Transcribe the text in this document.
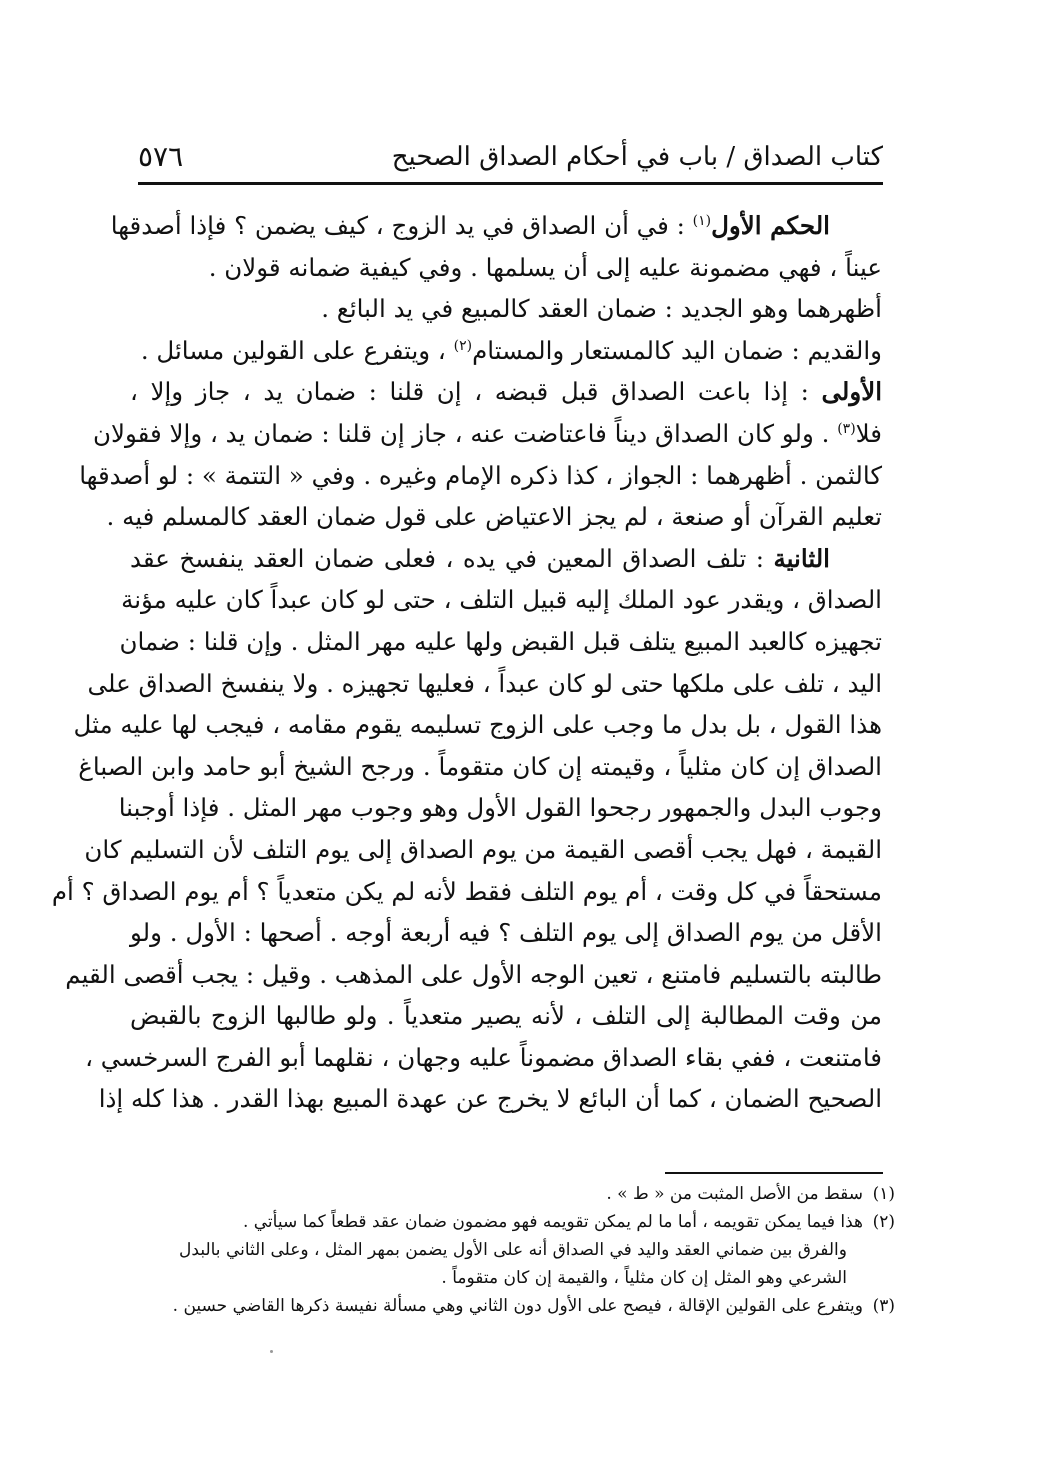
كتاب الصداق / باب في أحكام الصداق الصحيح
٥٧٦
الحكم الأول$^{(١)}$ : في أن الصداق في يد الزوج ، كيف يضمن ؟ فإذا أصدقها
عيناً ، فهي مضمونة عليه إلى أن يسلمها . وفي كيفية ضمانه قولان .
أظهرهما وهو الجديد : ضمان العقد كالمبيع في يد البائع .
والقديم : ضمان اليد كالمستعار والمستام$^{(٢)}$ ، ويتفرع على القولين مسائل .
الأولى : إذا باعت الصداق قبل قبضه ، إن قلنا : ضمان يد ، جاز وإلا ،
فلا$^{(٣)}$ . ولو كان الصداق ديناً فاعتاضت عنه ، جاز إن قلنا : ضمان يد ، وإلا فقولان
كالثمن . أظهرهما : الجواز ، كذا ذكره الإمام وغيره . وفي « التتمة » : لو أصدقها
تعليم القرآن أو صنعة ، لم يجز الاعتياض على قول ضمان العقد كالمسلم فيه .
الثانية : تلف الصداق المعين في يده ، فعلى ضمان العقد ينفسخ عقد
الصداق ، ويقدر عود الملك إليه قبيل التلف ، حتى لو كان عبداً كان عليه مؤنة
تجهيزه كالعبد المبيع يتلف قبل القبض ولها عليه مهر المثل . وإن قلنا : ضمان
اليد ، تلف على ملكها حتى لو كان عبداً ، فعليها تجهيزه . ولا ينفسخ الصداق على
هذا القول ، بل بدل ما وجب على الزوج تسليمه يقوم مقامه ، فيجب لها عليه مثل
الصداق إن كان مثلياً ، وقيمته إن كان متقوماً . ورجح الشيخ أبو حامد وابن الصباغ
وجوب البدل والجمهور رجحوا القول الأول وهو وجوب مهر المثل . فإذا أوجبنا
القيمة ، فهل يجب أقصى القيمة من يوم الصداق إلى يوم التلف لأن التسليم كان
مستحقاً في كل وقت ، أم يوم التلف فقط لأنه لم يكن متعدياً ؟ أم يوم الصداق ؟ أم
الأقل من يوم الصداق إلى يوم التلف ؟ فيه أربعة أوجه . أصحها : الأول . ولو
طالبته بالتسليم فامتنع ، تعين الوجه الأول على المذهب . وقيل : يجب أقصى القيم
من وقت المطالبة إلى التلف ، لأنه يصير متعدياً . ولو طالبها الزوج بالقبض
فامتنعت ، ففي بقاء الصداق مضموناً عليه وجهان ، نقلهما أبو الفرج السرخسي ،
الصحيح الضمان ، كما أن البائع لا يخرج عن عهدة المبيع بهذا القدر . هذا كله إذا
(١)سقط من الأصل المثبت من « ط » .
(٢)هذا فيما يمكن تقويمه ، أما ما لم يمكن تقويمه فهو مضمون ضمان عقد قطعاً كما سيأتي .
والفرق بين ضماني العقد واليد في الصداق أنه على الأول يضمن بمهر المثل ، وعلى الثاني بالبدل
الشرعي وهو المثل إن كان مثلياً ، والقيمة إن كان متقوماً .
(٣)ويتفرع على القولين الإقالة ، فيصح على الأول دون الثاني وهي مسألة نفيسة ذكرها القاضي حسين .
